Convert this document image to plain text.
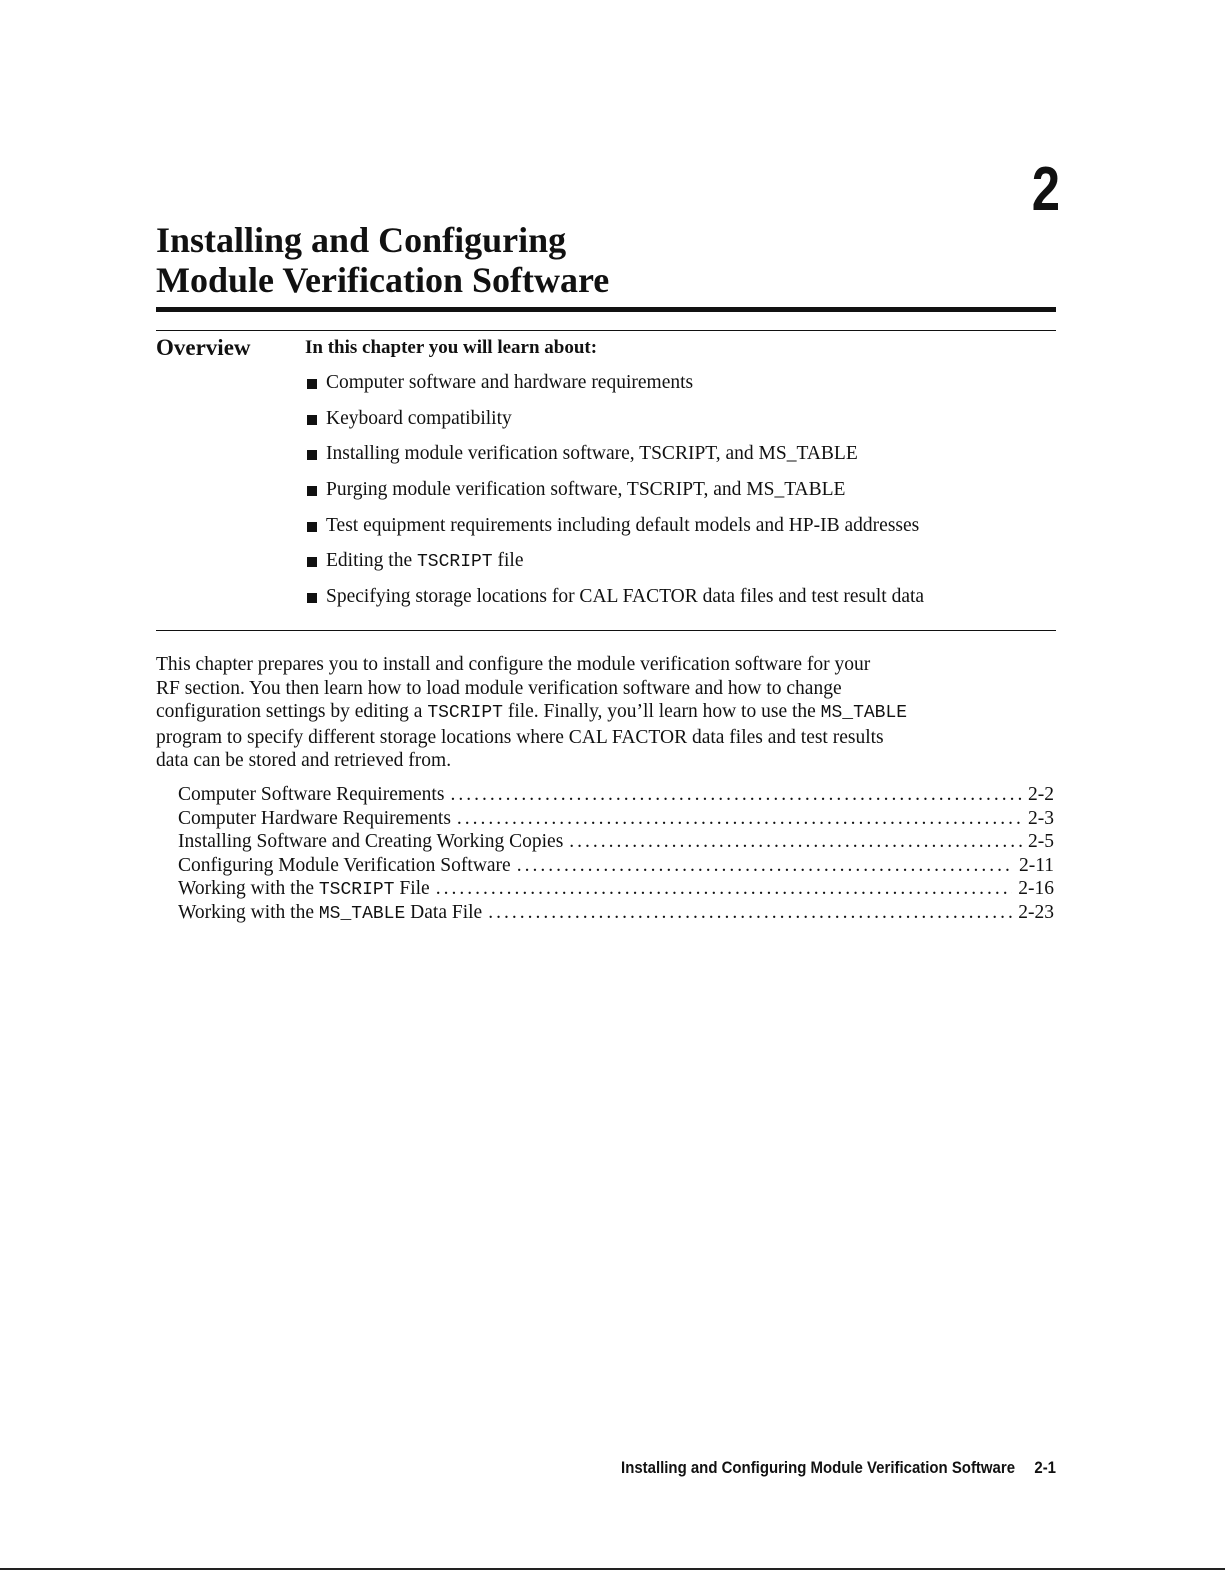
2
Installing and Configuring
Module Verification Software
Overview	In this chapter you will learn about:
Computer software and hardware requirements
Keyboard compatibility
Installing module verification software, TSCRIPT, and MS_TABLE
Purging module verification software, TSCRIPT, and MS_TABLE
Test equipment requirements including default models and HP-IB addresses
Editing the TSCRIPT file
Specifying storage locations for CAL FACTOR data files and test result data
This chapter prepares you to install and configure the module verification software for your
RF section. You then learn how to load module verification software and how to change
configuration settings by editing a TSCRIPT file. Finally, you’ll learn how to use the MS_TABLE
program to specify different storage locations where CAL FACTOR data files and test results
data can be stored and retrieved from.
Computer Software Requirements .....	2-2
Computer Hardware Requirements .....	2-3
Installing Software and Creating Working Copies .....	2-5
Configuring Module Verification Software .....	2-11
Working with the TSCRIPT File .....	2-16
Working with the MS_TABLE Data File .....	2-23
Installing and Configuring Module Verification Software 2-1
